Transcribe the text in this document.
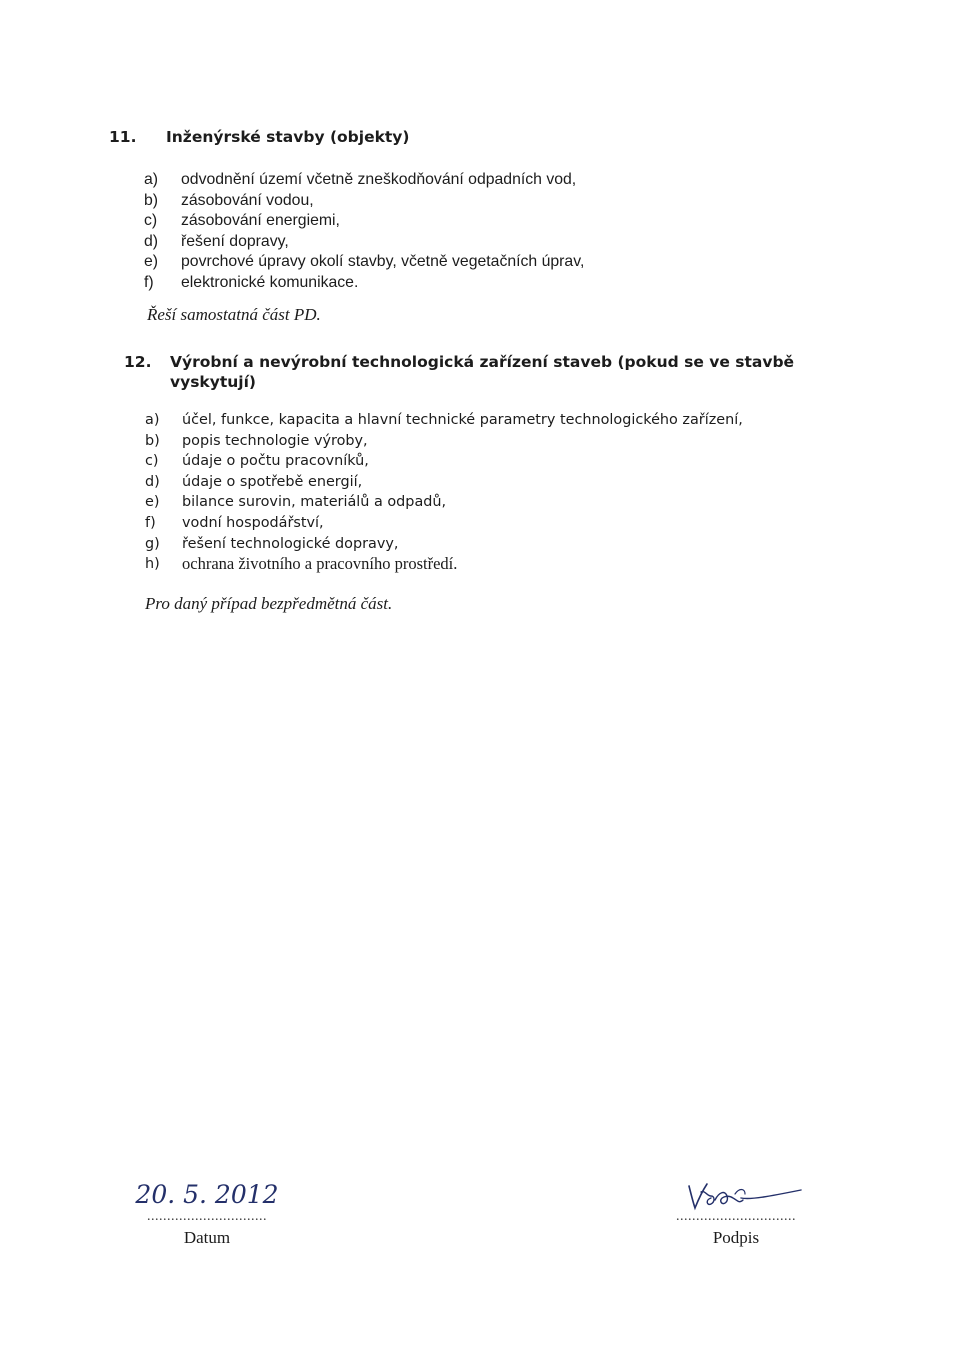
11. Inženýrské stavby (objekty)
a) odvodnění území včetně zneškodňování odpadních vod,
b) zásobování vodou,
c) zásobování energiemi,
d) řešení dopravy,
e) povrchové úpravy okolí stavby, včetně vegetačních úprav,
f) elektronické komunikace.

Řeší samostatná část PD.

12. Výrobní a nevýrobní technologická zařízení staveb (pokud se ve stavbě vyskytují)
a) účel, funkce, kapacita a hlavní technické parametry technologického zařízení,
b) popis technologie výroby,
c) údaje o počtu pracovníků,
d) údaje o spotřebě energií,
e) bilance surovin, materiálů a odpadů,
f) vodní hospodářství,
g) řešení technologické dopravy,
h) ochrana životního a pracovního prostředí.

Pro daný případ bezpředmětná část.

20. 5. 2012
..............................
Datum
..............................
Podpis
